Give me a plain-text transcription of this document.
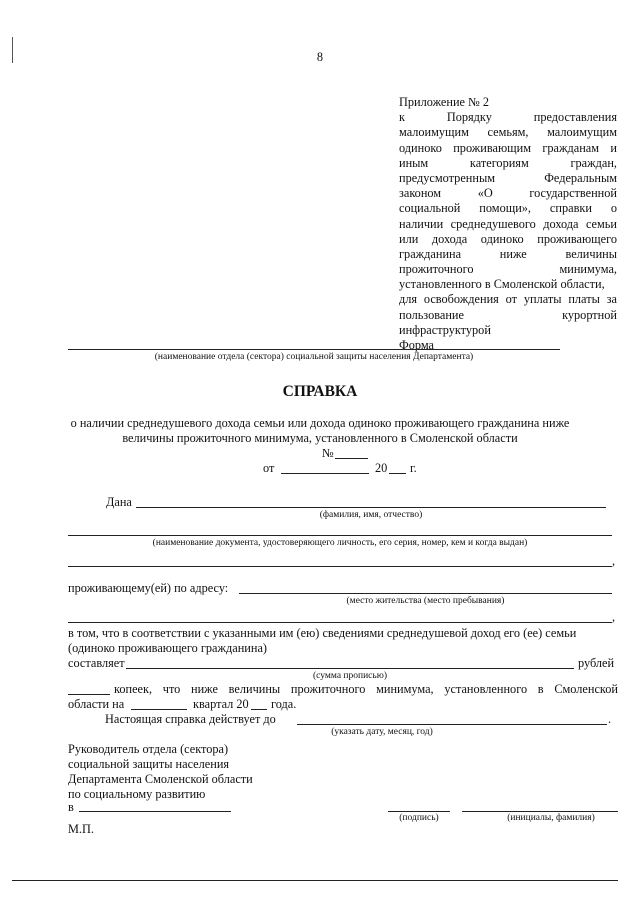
8
Приложение № 2
к Порядку предоставления
малоимущим семьям, малоимущим
одиноко проживающим гражданам и
иным категориям граждан,
предусмотренным Федеральным
законом «О государственной
социальной помощи», справки о
наличии среднедушевого дохода семьи
или дохода одиноко проживающего
гражданина ниже величины
прожиточного минимума,
установленного в Смоленской области,
для освобождения от уплаты платы за
пользование курортной
инфраструктурой
Форма
(наименование отдела (сектора) социальной защиты населения Департамента)
СПРАВКА
о наличии среднедушевого дохода семьи или дохода одиноко проживающего гражданина ниже
величины прожиточного минимума, установленного в Смоленской области
№
от	20 г.
Дана
(фамилия, имя, отчество)
(наименование документа, удостоверяющего личность, его серия, номер, кем и когда выдан)
,
проживающему(ей) по адресу:
(место жительства (место пребывания)
,
в том, что в соответствии с указанными им (ею) сведениями среднедушевой доход его (ее) семьи
(одиноко проживающего гражданина)
составляет	рублей
(сумма прописью)
копеек, что ниже величины прожиточного минимума, установленного в Смоленской
области на	квартал 20 года.
Настоящая справка действует до	.
(указать дату, месяц, год)
Руководитель отдела (сектора)
социальной защиты населения
Департамента Смоленской области
по социальному развитию
в
(подпись)	(инициалы, фамилия)
М.П.
